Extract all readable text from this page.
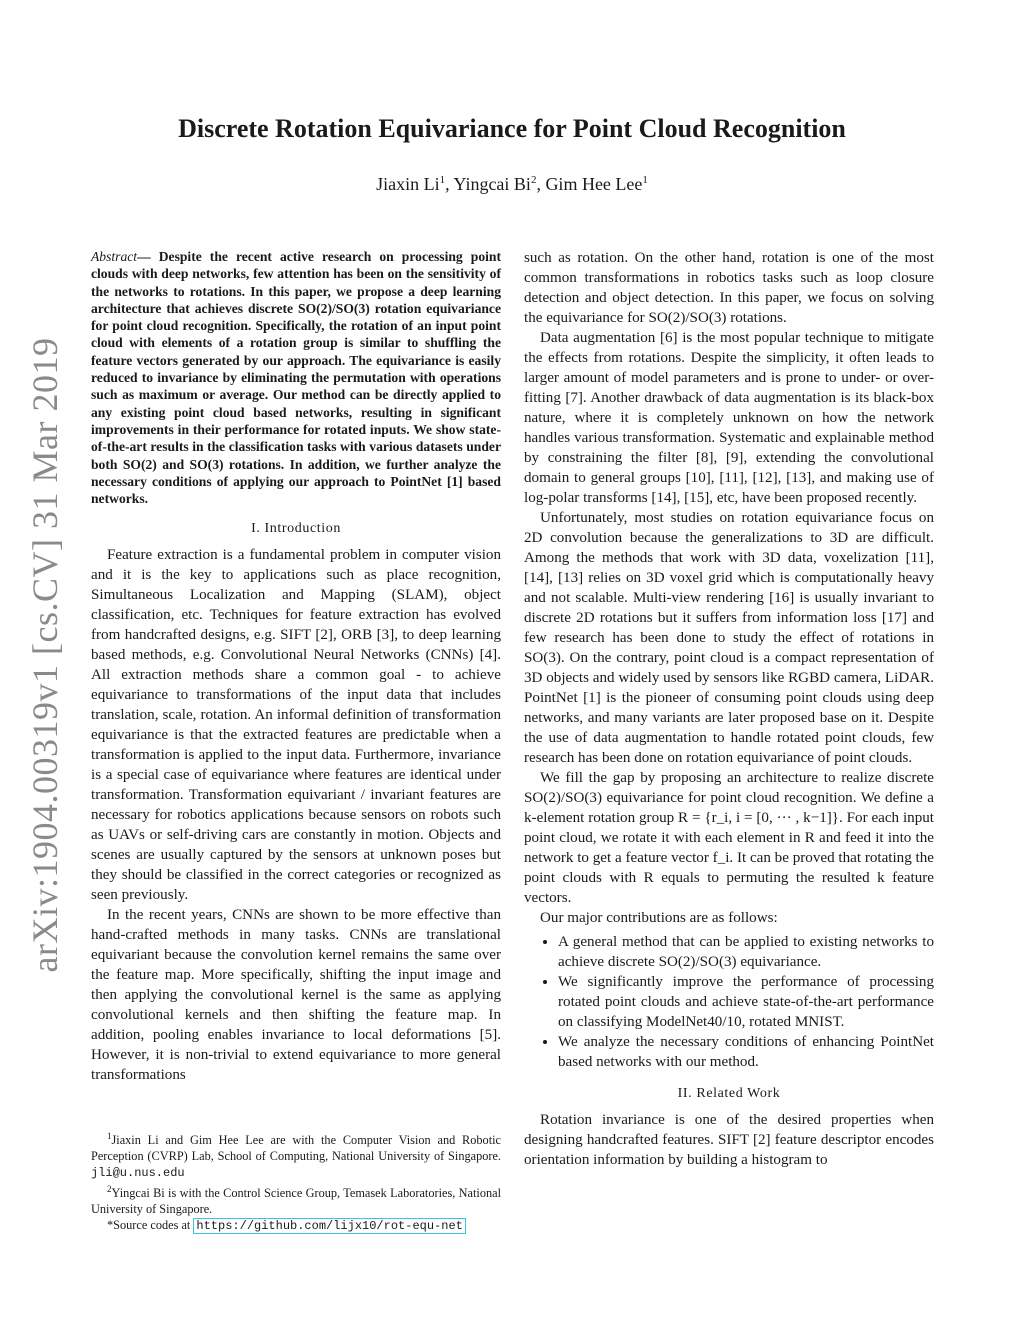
arXiv:1904.00319v1 [cs.CV] 31 Mar 2019
Discrete Rotation Equivariance for Point Cloud Recognition
Jiaxin Li$^1$, Yingcai Bi$^2$, Gim Hee Lee$^1$

Abstract— Despite the recent active research on processing point clouds with deep networks, few attention has been on the sensitivity of the networks to rotations. In this paper, we propose a deep learning architecture that achieves discrete SO(2)/SO(3) rotation equivariance for point cloud recognition. Specifically, the rotation of an input point cloud with elements of a rotation group is similar to shuffling the feature vectors generated by our approach. The equivariance is easily reduced to invariance by eliminating the permutation with operations such as maximum or average. Our method can be directly applied to any existing point cloud based networks, resulting in significant improvements in their performance for rotated inputs. We show state-of-the-art results in the classification tasks with various datasets under both SO(2) and SO(3) rotations. In addition, we further analyze the necessary conditions of applying our approach to PointNet [1] based networks.

I. Introduction

Feature extraction is a fundamental problem in computer vision and it is the key to applications such as place recognition, Simultaneous Localization and Mapping (SLAM), object classification, etc. Techniques for feature extraction has evolved from handcrafted designs, e.g. SIFT [2], ORB [3], to deep learning based methods, e.g. Convolutional Neural Networks (CNNs) [4]. All extraction methods share a common goal - to achieve equivariance to transformations of the input data that includes translation, scale, rotation. An informal definition of transformation equivariance is that the extracted features are predictable when a transformation is applied to the input data. Furthermore, invariance is a special case of equivariance where features are identical under transformation. Transformation equivariant / invariant features are necessary for robotics applications because sensors on robots such as UAVs or self-driving cars are constantly in motion. Objects and scenes are usually captured by the sensors at unknown poses but they should be classified in the correct categories or recognized as seen previously.

In the recent years, CNNs are shown to be more effective than hand-crafted methods in many tasks. CNNs are translational equivariant because the convolution kernel remains the same over the feature map. More specifically, shifting the input image and then applying the convolutional kernel is the same as applying convolutional kernels and then shifting the feature map. In addition, pooling enables invariance to local deformations [5]. However, it is non-trivial to extend equivariance to more general transformations

$^1$Jiaxin Li and Gim Hee Lee are with the Computer Vision and Robotic Perception (CVRP) Lab, School of Computing, National University of Singapore. jli@u.nus.edu

$^2$Yingcai Bi is with the Control Science Group, Temasek Laboratories, National University of Singapore.

*Source codes at https://github.com/lijx10/rot-equ-net

such as rotation. On the other hand, rotation is one of the most common transformations in robotics tasks such as loop closure detection and object detection. In this paper, we focus on solving the equivariance for SO(2)/SO(3) rotations.

Data augmentation [6] is the most popular technique to mitigate the effects from rotations. Despite the simplicity, it often leads to larger amount of model parameters and is prone to under- or over-fitting [7]. Another drawback of data augmentation is its black-box nature, where it is completely unknown on how the network handles various transformation. Systematic and explainable method by constraining the filter [8], [9], extending the convolutional domain to general groups [10], [11], [12], [13], and making use of log-polar transforms [14], [15], etc, have been proposed recently.

Unfortunately, most studies on rotation equivariance focus on 2D convolution because the generalizations to 3D are difficult. Among the methods that work with 3D data, voxelization [11], [14], [13] relies on 3D voxel grid which is computationally heavy and not scalable. Multi-view rendering [16] is usually invariant to discrete 2D rotations but it suffers from information loss [17] and few research has been done to study the effect of rotations in SO(3). On the contrary, point cloud is a compact representation of 3D objects and widely used by sensors like RGBD camera, LiDAR. PointNet [1] is the pioneer of consuming point clouds using deep networks, and many variants are later proposed base on it. Despite the use of data augmentation to handle rotated point clouds, few research has been done on rotation equivariance of point clouds.

We fill the gap by proposing an architecture to realize discrete SO(2)/SO(3) equivariance for point cloud recognition. We define a k-element rotation group R = {r_i, i = [0, ··· , k−1]}. For each input point cloud, we rotate it with each element in R and feed it into the network to get a feature vector f_i. It can be proved that rotating the point clouds with R equals to permuting the resulted k feature vectors.

Our major contributions are as follows:

• A general method that can be applied to existing networks to achieve discrete SO(2)/SO(3) equivariance.
• We significantly improve the performance of processing rotated point clouds and achieve state-of-the-art performance on classifying ModelNet40/10, rotated MNIST.
• We analyze the necessary conditions of enhancing PointNet based networks with our method.
II. Related Work

Rotation invariance is one of the desired properties when designing handcrafted features. SIFT [2] feature descriptor encodes orientation information by building a histogram to
